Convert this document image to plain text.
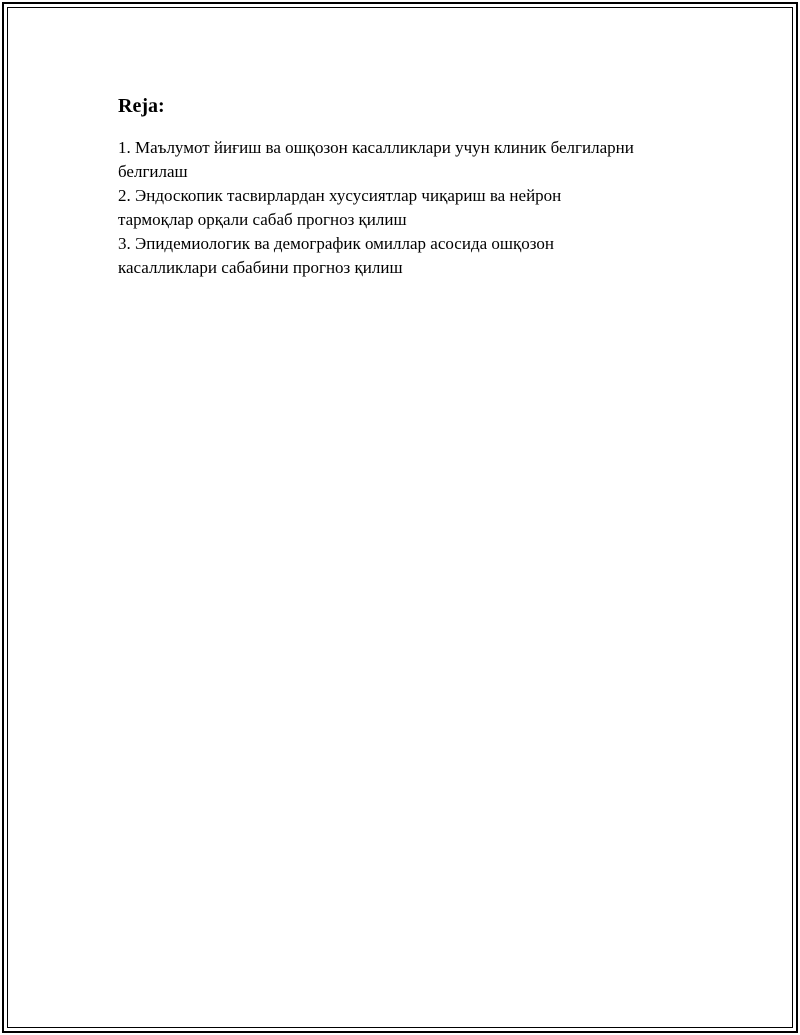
Reja:
1. Маълумот йиғиш ва ошқозон касалликлари учун клиник белгиларни
белгилаш
2. Эндоскопик тасвирлардан хусусиятлар чиқариш ва нейрон
тармоқлар орқали сабаб прогноз қилиш
3. Эпидемиологик ва демографик омиллар асосида ошқозон
касалликлари сабабини прогноз қилиш
